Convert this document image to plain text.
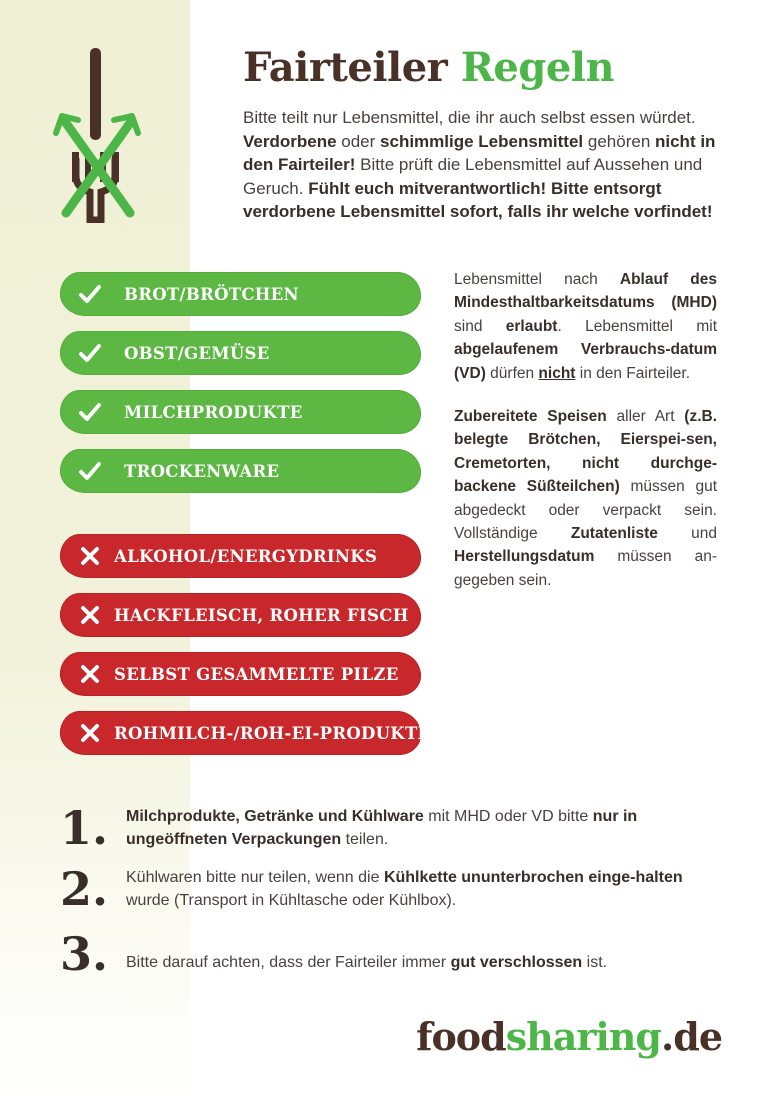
Fairteiler Regeln
Bitte teilt nur Lebensmittel, die ihr auch selbst essen würdet. Verdorbene oder schimmlige Lebensmittel gehören nicht in den Fairteiler! Bitte prüft die Lebensmittel auf Aussehen und Geruch. Fühlt euch mitverantwortlich! Bitte entsorgt verdorbene Lebensmittel sofort, falls ihr welche vorfindet!
BROT/BRÖTCHEN
OBST/GEMÜSE
MILCHPRODUKTE
TROCKENWARE
ALKOHOL/ENERGYDRINKS
HACKFLEISCH, ROHER FISCH
SELBST GESAMMELTE PILZE
ROHMILCH-/ROH-EI-PRODUKTE

Lebensmittel nach Ablauf des Mindesthaltbarkeitsdatums (MHD) sind erlaubt. Lebensmittel mit abgelaufenem Verbrauchs-datum (VD) dürfen nicht in den Fairteiler.

Zubereitete Speisen aller Art (z.B. belegte Brötchen, Eierspei-sen, Cremetorten, nicht durchge-backene Süßteilchen) müssen gut abgedeckt oder verpackt sein. Vollständige Zutatenliste und Herstellungsdatum müssen an-gegeben sein.

1. Milchprodukte, Getränke und Kühlware mit MHD oder VD bitte nur in ungeöffneten Verpackungen teilen.
2. Kühlwaren bitte nur teilen, wenn die Kühlkette ununterbrochen einge-halten wurde (Transport in Kühltasche oder Kühlbox).
3. Bitte darauf achten, dass der Fairteiler immer gut verschlossen ist.
foodsharing.de
